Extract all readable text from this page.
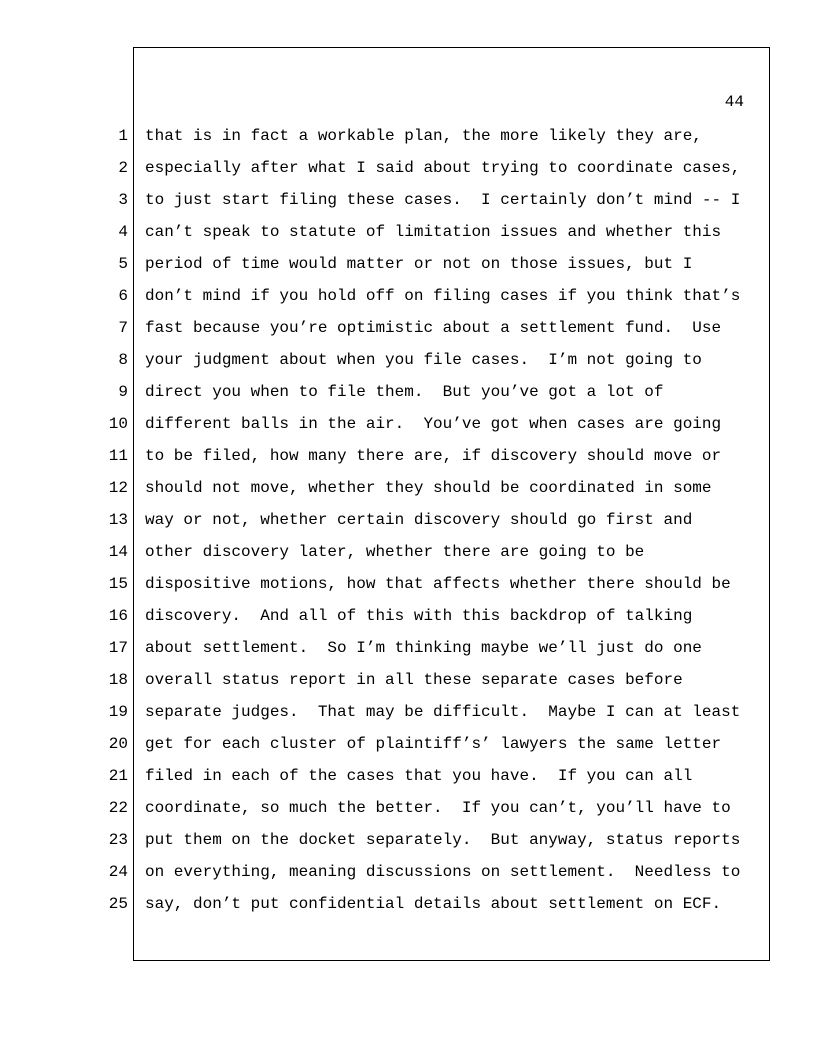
44
1 that is in fact a workable plan, the more likely they are,
2 especially after what I said about trying to coordinate cases,
3 to just start filing these cases.  I certainly don’t mind -- I
4 can’t speak to statute of limitation issues and whether this
5 period of time would matter or not on those issues, but I
6 don’t mind if you hold off on filing cases if you think that’s
7 fast because you’re optimistic about a settlement fund.  Use
8 your judgment about when you file cases.  I’m not going to
9 direct you when to file them.  But you’ve got a lot of
10 different balls in the air.  You’ve got when cases are going
11 to be filed, how many there are, if discovery should move or
12 should not move, whether they should be coordinated in some
13 way or not, whether certain discovery should go first and
14 other discovery later, whether there are going to be
15 dispositive motions, how that affects whether there should be
16 discovery.  And all of this with this backdrop of talking
17 about settlement.  So I’m thinking maybe we’ll just do one
18 overall status report in all these separate cases before
19 separate judges.  That may be difficult.  Maybe I can at least
20 get for each cluster of plaintiff’s’ lawyers the same letter
21 filed in each of the cases that you have.  If you can all
22 coordinate, so much the better.  If you can’t, you’ll have to
23 put them on the docket separately.  But anyway, status reports
24 on everything, meaning discussions on settlement.  Needless to
25 say, don’t put confidential details about settlement on ECF.
